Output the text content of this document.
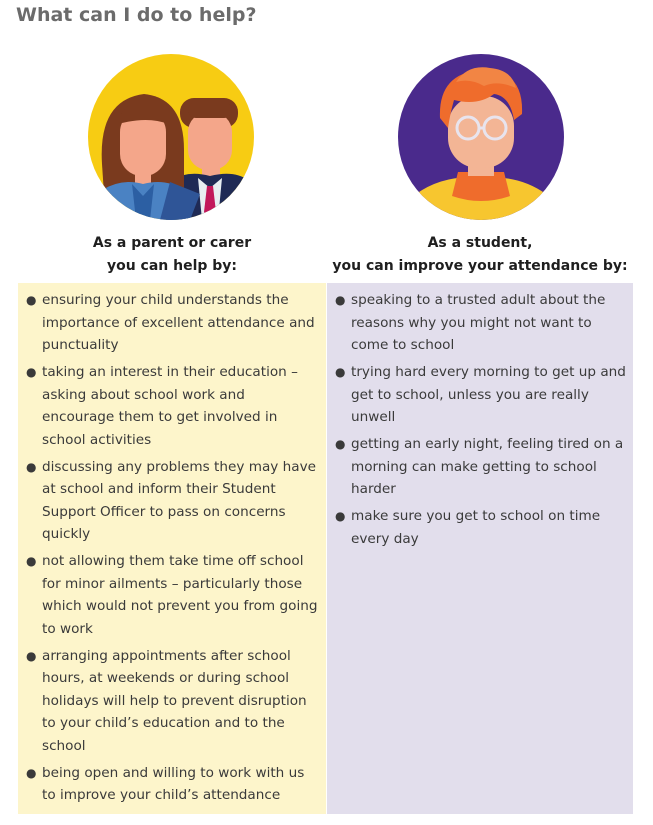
What can I do to help?
As a parent or carer
you can help by:
As a student,
you can improve your attendance by:
● ensuring your child understands the importance of excellent attendance and punctuality
● taking an interest in their education – asking about school work and encourage them to get involved in school activities
● discussing any problems they may have at school and inform their Student Support Officer to pass on concerns quickly
● not allowing them take time off school for minor ailments – particularly those which would not prevent you from going to work
● arranging appointments after school hours, at weekends or during school holidays will help to prevent disruption to your child’s education and to the school
● being open and willing to work with us to improve your child’s attendance
● speaking to a trusted adult about the reasons why you might not want to come to school
● trying hard every morning to get up and get to school, unless you are really unwell
● getting an early night, feeling tired on a morning can make getting to school harder
● make sure you get to school on time every day
